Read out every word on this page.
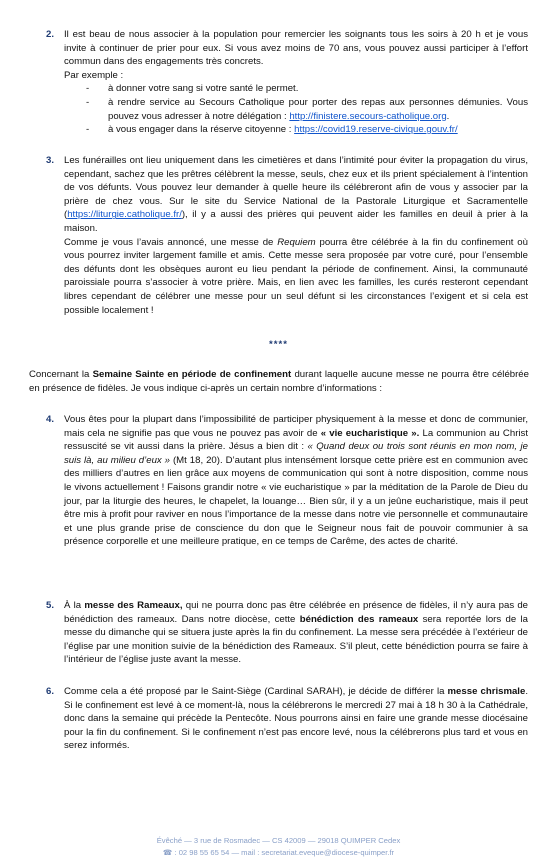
2. Il est beau de nous associer à la population pour remercier les soignants tous les soirs à 20 h et je vous invite à continuer de prier pour eux. Si vous avez moins de 70 ans, vous pouvez aussi participer à l’effort commun dans des engagements très concrets.
Par exemple :
- à donner votre sang si votre santé le permet.
- à rendre service au Secours Catholique pour porter des repas aux personnes démunies. Vous pouvez vous adresser à notre délégation : http://finistere.secours-catholique.org.
- à vous engager dans la réserve citoyenne : https://covid19.reserve-civique.gouv.fr/
3. Les funérailles ont lieu uniquement dans les cimetières et dans l’intimité pour éviter la propagation du virus, cependant, sachez que les prêtres célèbrent la messe, seuls, chez eux et ils prient spécialement à l’intention de vos défunts. Vous pouvez leur demander à quelle heure ils célébreront afin de vous y associer par la prière de chez vous. Sur le site du Service National de la Pastorale Liturgique et Sacramentelle (https://liturgie.catholique.fr/), il y a aussi des prières qui peuvent aider les familles en deuil à prier à la maison.
Comme je vous l’avais annoncé, une messe de Requiem pourra être célébrée à la fin du confinement où vous pourrez inviter largement famille et amis. Cette messe sera proposée par votre curé, pour l’ensemble des défunts dont les obsèques auront eu lieu pendant la période de confinement. Ainsi, la communauté paroissiale pourra s’associer à votre prière. Mais, en lien avec les familles, les curés resteront cependant libres cependant de célébrer une messe pour un seul défunt si les circonstances l’exigent et si cela est possible localement !
****
Concernant la Semaine Sainte en période de confinement durant laquelle aucune messe ne pourra être célébrée en présence de fidèles. Je vous indique ci-après un certain nombre d’informations :
4. Vous êtes pour la plupart dans l’impossibilité de participer physiquement à la messe et donc de communier, mais cela ne signifie pas que vous ne pouvez pas avoir de « vie eucharistique ». La communion au Christ ressuscité se vit aussi dans la prière. Jésus a bien dit : « Quand deux ou trois sont réunis en mon nom, je suis là, au milieu d’eux » (Mt 18, 20). D’autant plus intensément lorsque cette prière est en communion avec des milliers d’autres en lien grâce aux moyens de communication qui sont à notre disposition, comme nous le vivons actuellement ! Faisons grandir notre « vie eucharistique » par la méditation de la Parole de Dieu du jour, par la liturgie des heures, le chapelet, la louange… Bien sûr, il y a un jeûne eucharistique, mais il peut être mis à profit pour raviver en nous l’importance de la messe dans notre vie personnelle et communautaire et une plus grande prise de conscience du don que le Seigneur nous fait de pouvoir communier à sa présence corporelle et une meilleure pratique, en ce temps de Carême, des actes de charité.
5. À la messe des Rameaux, qui ne pourra donc pas être célébrée en présence de fidèles, il n’y aura pas de bénédiction des rameaux. Dans notre diocèse, cette bénédiction des rameaux sera reportée lors de la messe du dimanche qui se situera juste après la fin du confinement. La messe sera précédée à l’extérieur de l’église par une monition suivie de la bénédiction des Rameaux. S’il pleut, cette bénédiction pourra se faire à l’intérieur de l’église juste avant la messe.
6. Comme cela a été proposé par le Saint-Siège (Cardinal SARAH), je décide de différer la messe chrismale. Si le confinement est levé à ce moment-là, nous la célébrerons le mercredi 27 mai à 18 h 30 à la Cathédrale, donc dans la semaine qui précède la Pentecôte. Nous pourrons ainsi en faire une grande messe diocésaine pour la fin du confinement. Si le confinement n’est pas encore levé, nous la célébrerons plus tard et vous en serez informés.
Évêché — 3 rue de Rosmadec — CS 42009 — 29018 QUIMPER Cedex
☎ : 02 98 55 65 54 — mail : secretariat.eveque@diocese-quimper.fr
